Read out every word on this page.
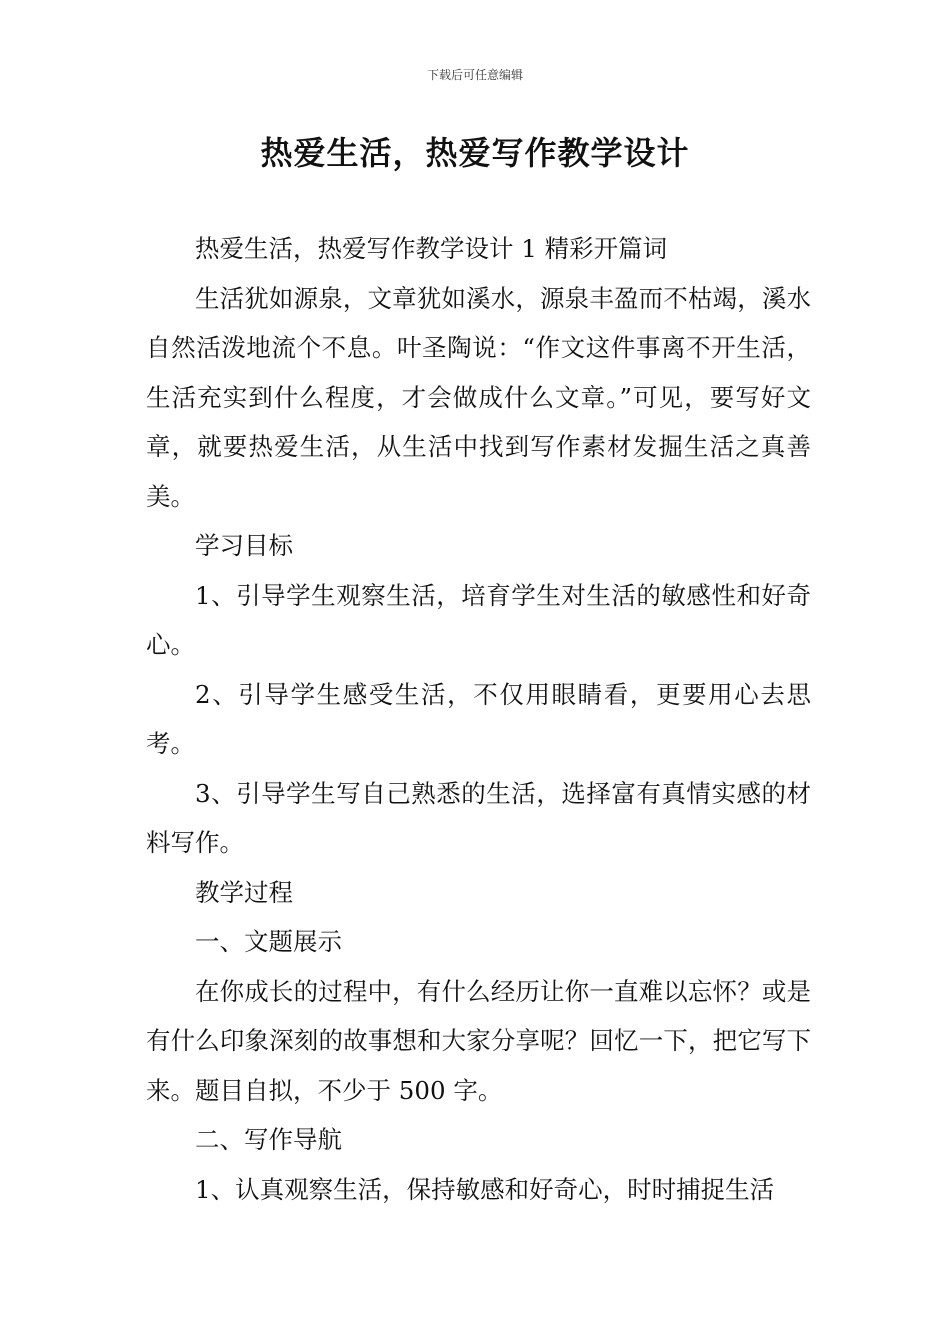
下载后可任意编辑
热爱生活，热爱写作教学设计

热爱生活，热爱写作教学设计 1 精彩开篇词

生活犹如源泉，文章犹如溪水，源泉丰盈而不枯竭，溪水自然活泼地流个不息。叶圣陶说：“作文这件事离不开生活，生活充实到什么程度，才会做成什么文章。”可见，要写好文章，就要热爱生活，从生活中找到写作素材发掘生活之真善美。

学习目标

1、引导学生观察生活，培育学生对生活的敏感性和好奇心。

2、引导学生感受生活，不仅用眼睛看，更要用心去思考。

3、引导学生写自己熟悉的生活，选择富有真情实感的材料写作。

教学过程

一、文题展示

在你成长的过程中，有什么经历让你一直难以忘怀？或是有什么印象深刻的故事想和大家分享呢？回忆一下，把它写下来。题目自拟，不少于 500 字。

二、写作导航

1、认真观察生活，保持敏感和好奇心，时时捕捉生活
